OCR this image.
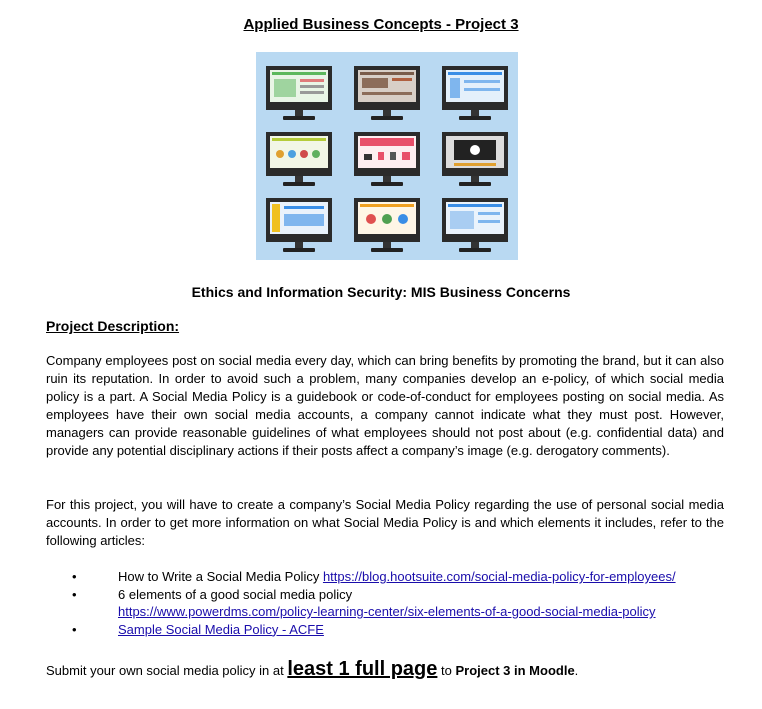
Applied Business Concepts - Project 3
Ethics and Information Security: MIS Business Concerns
Project Description:
Company employees post on social media every day, which can bring benefits by promoting the brand, but it can also ruin its reputation. In order to avoid such a problem, many companies develop an e-policy, of which social media policy is a part. A Social Media Policy is a guidebook or code-of-conduct for employees posting on social media. As employees have their own social media accounts, a company cannot indicate what they must post. However, managers can provide reasonable guidelines of what employees should not post about (e.g. confidential data) and provide any potential disciplinary actions if their posts affect a company’s image (e.g. derogatory comments).
For this project, you will have to create a company’s Social Media Policy regarding the use of personal social media accounts. In order to get more information on what Social Media Policy is and which elements it includes, refer to the following articles:
•	How to Write a Social Media Policy https://blog.hootsuite.com/social-media-policy-for-employees/
•	6 elements of a good social media policy
https://www.powerdms.com/policy-learning-center/six-elements-of-a-good-social-media-policy
•	Sample Social Media Policy - ACFE
Submit your own social media policy in at least 1 full page to Project 3 in Moodle.
